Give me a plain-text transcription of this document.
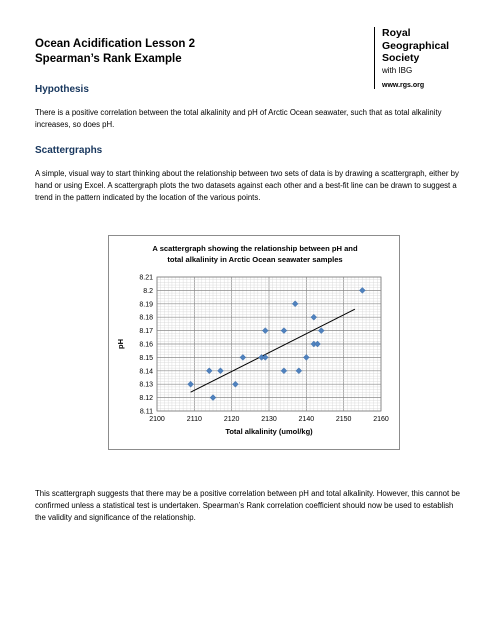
Ocean Acidification Lesson 2
Spearman’s Rank Example
Royal
Geographical
Society
with IBG
www.rgs.org
Hypothesis

There is a positive correlation between the total alkalinity and pH of Arctic Ocean seawater, such that as total alkalinity increases, so does pH.

Scattergraphs

A simple, visual way to start thinking about the relationship between two sets of data is by drawing a scattergraph, either by hand or using Excel. A scattergraph plots the two datasets against each other and a best-fit line can be drawn to suggest a trend in the pattern indicated by the location of the various points.

A scattergraph showing the relationship between pH and
total alkalinity in Arctic Ocean seawater samples
8.11
8.12
8.13
8.14
8.15
8.16
8.17
8.18
8.19
8.2
8.21
2100	2110	2120	2130	2140	2150	2160
Total alkalinity (umol/kg)
pH

This scattergraph suggests that there may be a positive correlation between pH and total alkalinity. However, this cannot be confirmed unless a statistical test is undertaken. Spearman’s Rank correlation coefficient should now be used to establish the validity and significance of the relationship.
